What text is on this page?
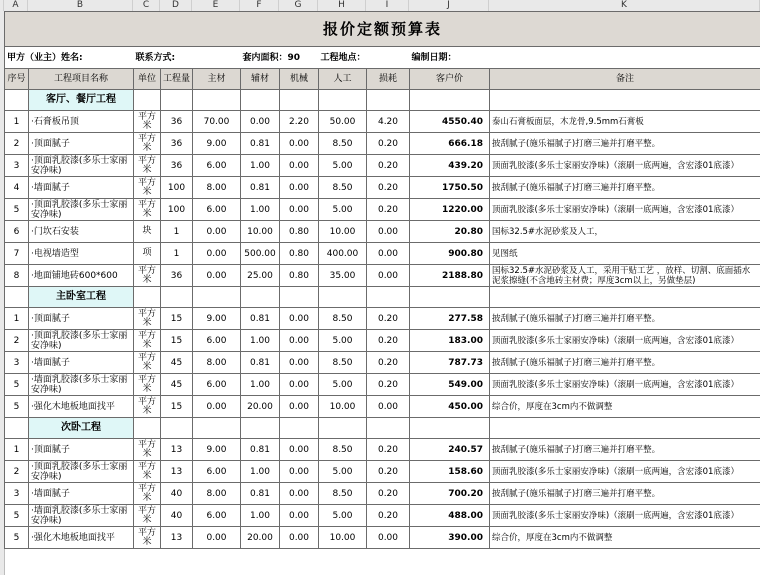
A	B	C	D	E	F	G	H	I	J	K
报价定额预算表										
甲方（业主）姓名:		联系方式:			套内面积：90		工程地点：		编制日期：	
序号	工程项目名称	单位	工程量	主材	辅材	机械	人工	损耗	客户价	备注
	客厅、餐厅工程									
1	·石膏板吊顶	平方米	36	70.00	0.00	2.20	50.00	4.20	4550.40	泰山石膏板面层，木龙骨,9.5mm石膏板
2	·顶面腻子	平方米	36	9.00	0.81	0.00	8.50	0.20	666.18	披刮腻子(施乐福腻子)打磨三遍并打磨平整。
3	·顶面乳胶漆(多乐士家丽安净味)	平方米	36	6.00	1.00	0.00	5.00	0.20	439.20	顶面乳胶漆(多乐士家丽安净味)（滚刷一底两遍，含宏漆01底漆）
4	·墙面腻子	平方米	100	8.00	0.81	0.00	8.50	0.20	1750.50	披刮腻子(施乐福腻子)打磨三遍并打磨平整。
5	·顶面乳胶漆(多乐士家丽安净味)	平方米	100	6.00	1.00	0.00	5.00	0.20	1220.00	顶面乳胶漆(多乐士家丽安净味)（滚刷一底两遍，含宏漆01底漆）
6	·门坎石安装	块	1	0.00	10.00	0.80	10.00	0.00	20.80	国标32.5#水泥砂浆及人工，
7	·电视墙造型	项	1	0.00	500.00	0.80	400.00	0.00	900.80	见图纸
8	·地面铺地砖600*600	平方米	36	0.00	25.00	0.80	35.00	0.00	2188.80	国标32.5#水泥砂浆及人工，采用干贴工艺 ，放样、切割、底面插水泥浆擦缝(不含地砖主材费；厚度3cm以上，另做垫层)
	主卧室工程									
1	·顶面腻子	平方米	15	9.00	0.81	0.00	8.50	0.20	277.58	披刮腻子(施乐福腻子)打磨三遍并打磨平整。
2	·顶面乳胶漆(多乐士家丽安净味)	平方米	15	6.00	1.00	0.00	5.00	0.20	183.00	顶面乳胶漆(多乐士家丽安净味)（滚刷一底两遍，含宏漆01底漆）
3	·墙面腻子	平方米	45	8.00	0.81	0.00	8.50	0.20	787.73	披刮腻子(施乐福腻子)打磨三遍并打磨平整。
5	·墙面乳胶漆(多乐士家丽安净味)	平方米	45	6.00	1.00	0.00	5.00	0.20	549.00	顶面乳胶漆(多乐士家丽安净味)（滚刷一底两遍，含宏漆01底漆）
5	·强化木地板地面找平	平方米	15	0.00	20.00	0.00	10.00	0.00	450.00	综合价，厚度在3cm内不做调整
	次卧工程									
1	·顶面腻子	平方米	13	9.00	0.81	0.00	8.50	0.20	240.57	披刮腻子(施乐福腻子)打磨三遍并打磨平整。
2	·顶面乳胶漆(多乐士家丽安净味)	平方米	13	6.00	1.00	0.00	5.00	0.20	158.60	顶面乳胶漆(多乐士家丽安净味)（滚刷一底两遍，含宏漆01底漆）
3	·墙面腻子	平方米	40	8.00	0.81	0.00	8.50	0.20	700.20	披刮腻子(施乐福腻子)打磨三遍并打磨平整。
5	·墙面乳胶漆(多乐士家丽安净味)	平方米	40	6.00	1.00	0.00	5.00	0.20	488.00	顶面乳胶漆(多乐士家丽安净味)（滚刷一底两遍，含宏漆01底漆）
5	·强化木地板地面找平	平方米	13	0.00	20.00	0.00	10.00	0.00	390.00	综合价，厚度在3cm内不做调整
